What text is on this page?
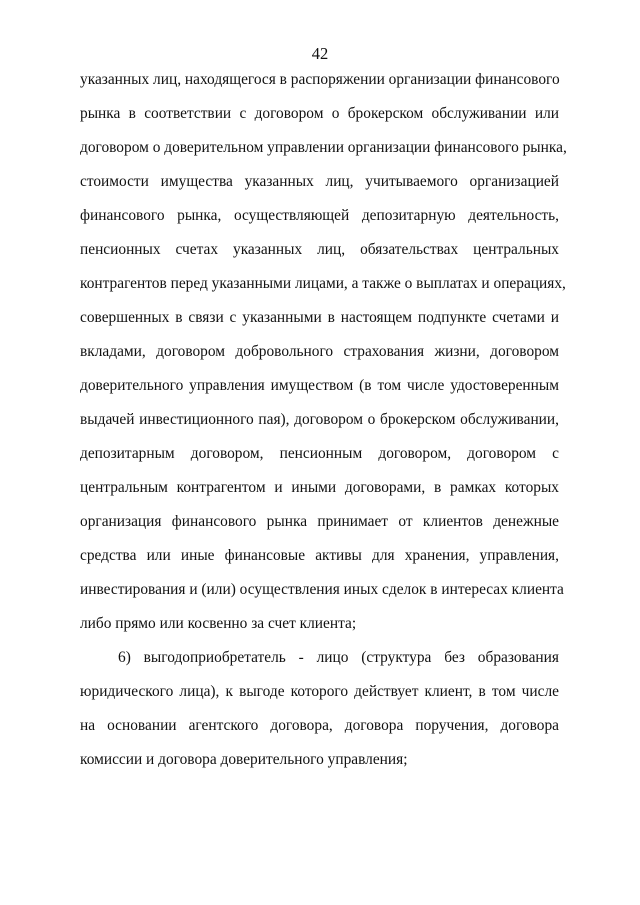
42
указанных лиц, находящегося в распоряжении организации финансового
рынка в соответствии с договором о брокерском обслуживании или
договором о доверительном управлении организации финансового рынка,
стоимости имущества указанных лиц, учитываемого организацией
финансового рынка, осуществляющей депозитарную деятельность,
пенсионных счетах указанных лиц, обязательствах центральных
контрагентов перед указанными лицами, а также о выплатах и операциях,
совершенных в связи с указанными в настоящем подпункте счетами и
вкладами, договором добровольного страхования жизни, договором
доверительного управления имуществом (в том числе удостоверенным
выдачей инвестиционного пая), договором о брокерском обслуживании,
депозитарным договором, пенсионным договором, договором с
центральным контрагентом и иными договорами, в рамках которых
организация финансового рынка принимает от клиентов денежные
средства или иные финансовые активы для хранения, управления,
инвестирования и (или) осуществления иных сделок в интересах клиента
либо прямо или косвенно за счет клиента;
6) выгодоприобретатель - лицо (структура без образования
юридического лица), к выгоде которого действует клиент, в том числе
на основании агентского договора, договора поручения, договора
комиссии и договора доверительного управления;
